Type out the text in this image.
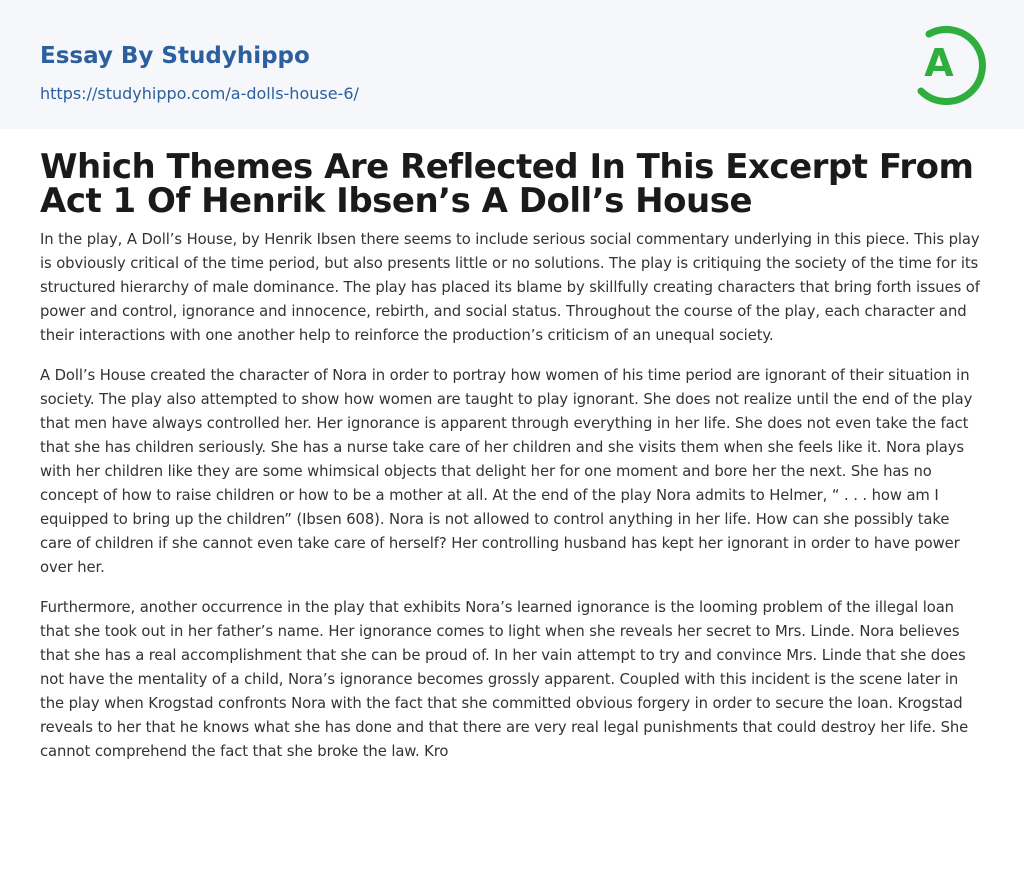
Essay By Studyhippo
https://studyhippo.com/a-dolls-house-6/
A
Which Themes Are Reflected In This Excerpt From Act 1 Of Henrik Ibsen’s A Doll’s House

In the play, A Doll’s House, by Henrik Ibsen there seems to include serious social commentary underlying in this piece. This play is obviously critical of the time period, but also presents little or no solutions. The play is critiquing the society of the time for its structured hierarchy of male dominance. The play has placed its blame by skillfully creating characters that bring forth issues of power and control, ignorance and innocence, rebirth, and social status. Throughout the course of the play, each character and their interactions with one another help to reinforce the production’s criticism of an unequal society.

A Doll’s House created the character of Nora in order to portray how women of his time period are ignorant of their situation in society. The play also attempted to show how women are taught to play ignorant. She does not realize until the end of the play that men have always controlled her. Her ignorance is apparent through everything in her life. She does not even take the fact that she has children seriously. She has a nurse take care of her children and she visits them when she feels like it. Nora plays with her children like they are some whimsical objects that delight her for one moment and bore her the next. She has no concept of how to raise children or how to be a mother at all. At the end of the play Nora admits to Helmer, “ . . . how am I equipped to bring up the children” (Ibsen 608). Nora is not allowed to control anything in her life. How can she possibly take care of children if she cannot even take care of herself? Her controlling husband has kept her ignorant in order to have power over her.

Furthermore, another occurrence in the play that exhibits Nora’s learned ignorance is the looming problem of the illegal loan that she took out in her father’s name. Her ignorance comes to light when she reveals her secret to Mrs. Linde. Nora believes that she has a real accomplishment that she can be proud of. In her vain attempt to try and convince Mrs. Linde that she does not have the mentality of a child, Nora’s ignorance becomes grossly apparent. Coupled with this incident is the scene later in the play when Krogstad confronts Nora with the fact that she committed obvious forgery in order to secure the loan. Krogstad reveals to her that he knows what she has done and that there are very real legal punishments that could destroy her life. She cannot comprehend the fact that she broke the law. Kro
